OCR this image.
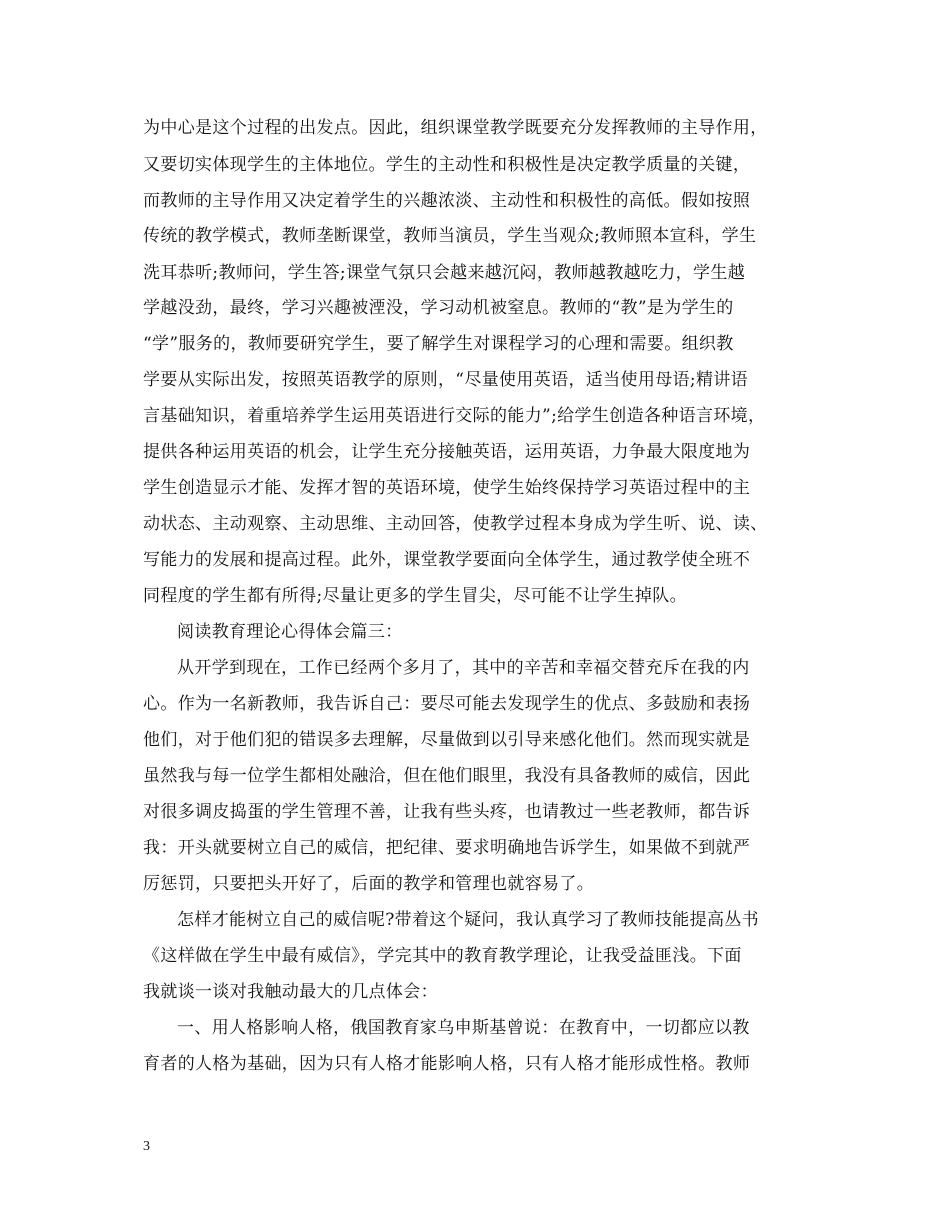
为中心是这个过程的出发点。因此，组织课堂教学既要充分发挥教师的主导作用，
又要切实体现学生的主体地位。学生的主动性和积极性是决定教学质量的关键，
而教师的主导作用又决定着学生的兴趣浓淡、主动性和积极性的高低。假如按照
传统的教学模式，教师垄断课堂，教师当演员，学生当观众;教师照本宣科，学生
洗耳恭听;教师问，学生答;课堂气氛只会越来越沉闷，教师越教越吃力，学生越
学越没劲，最终，学习兴趣被湮没，学习动机被窒息。教师的“教”是为学生的
“学”服务的，教师要研究学生，要了解学生对课程学习的心理和需要。组织教
学要从实际出发，按照英语教学的原则，“尽量使用英语，适当使用母语;精讲语
言基础知识，着重培养学生运用英语进行交际的能力”;给学生创造各种语言环境，
提供各种运用英语的机会，让学生充分接触英语，运用英语，力争最大限度地为
学生创造显示才能、发挥才智的英语环境，使学生始终保持学习英语过程中的主
动状态、主动观察、主动思维、主动回答，使教学过程本身成为学生听、说、读、
写能力的发展和提高过程。此外，课堂教学要面向全体学生，通过教学使全班不
同程度的学生都有所得;尽量让更多的学生冒尖，尽可能不让学生掉队。
阅读教育理论心得体会篇三：
从开学到现在，工作已经两个多月了，其中的辛苦和幸福交替充斥在我的内
心。作为一名新教师，我告诉自己：要尽可能去发现学生的优点、多鼓励和表扬
他们，对于他们犯的错误多去理解，尽量做到以引导来感化他们。然而现实就是
虽然我与每一位学生都相处融洽，但在他们眼里，我没有具备教师的威信，因此
对很多调皮捣蛋的学生管理不善，让我有些头疼，也请教过一些老教师，都告诉
我：开头就要树立自己的威信，把纪律、要求明确地告诉学生，如果做不到就严
厉惩罚，只要把头开好了，后面的教学和管理也就容易了。
怎样才能树立自己的威信呢?带着这个疑问，我认真学习了教师技能提高丛书
《这样做在学生中最有威信》，学完其中的教育教学理论，让我受益匪浅。下面
我就谈一谈对我触动最大的几点体会：
一、用人格影响人格，俄国教育家乌申斯基曾说：在教育中，一切都应以教
育者的人格为基础，因为只有人格才能影响人格，只有人格才能形成性格。教师
3
